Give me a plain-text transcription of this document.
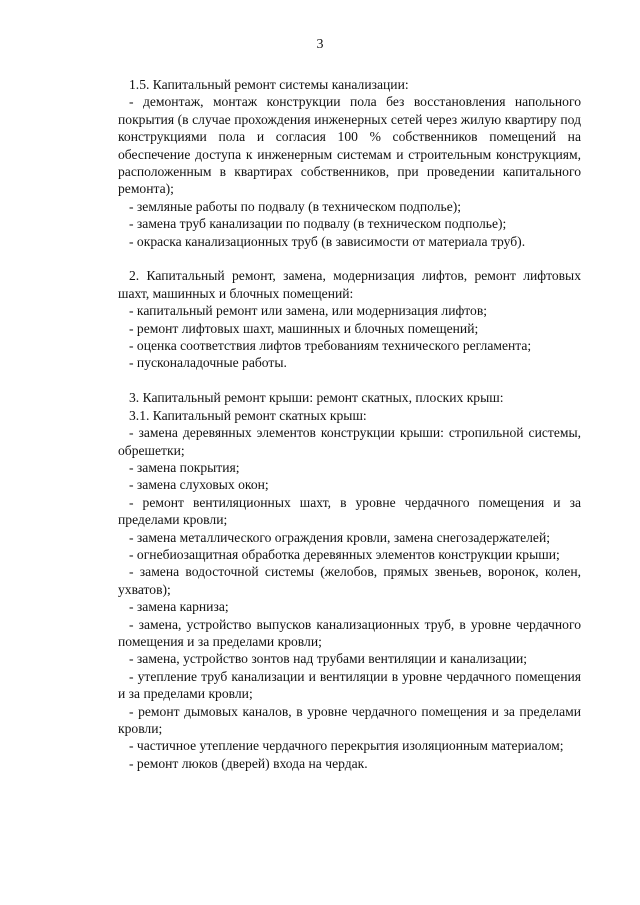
3

1.5. Капитальный ремонт системы канализации:

- демонтаж, монтаж конструкции пола без восстановления напольного покрытия (в случае прохождения инженерных сетей через жилую квартиру под конструкциями пола и согласия 100 % собственников помещений на обеспечение доступа к инженерным системам и строительным конструкциям, расположенным в квартирах собственников, при проведении капитального ремонта);

- земляные работы по подвалу (в техническом подполье);

- замена труб канализации по подвалу (в техническом подполье);

- окраска канализационных труб (в зависимости от материала труб).

2. Капитальный ремонт, замена, модернизация лифтов, ремонт лифтовых шахт, машинных и блочных помещений:

- капитальный ремонт или замена, или модернизация лифтов;

- ремонт лифтовых шахт, машинных и блочных помещений;

- оценка соответствия лифтов требованиям технического регламента;

- пусконаладочные работы.

3. Капитальный ремонт крыши: ремонт скатных, плоских крыш:

3.1. Капитальный ремонт скатных крыш:

- замена деревянных элементов конструкции крыши: стропильной системы, обрешетки;

- замена покрытия;

- замена слуховых окон;

- ремонт вентиляционных шахт, в уровне чердачного помещения и за пределами кровли;

- замена металлического ограждения кровли, замена снегозадержателей;

- огнебиозащитная обработка деревянных элементов конструкции крыши;

- замена водосточной системы (желобов, прямых звеньев, воронок, колен, ухватов);

- замена карниза;

- замена, устройство выпусков канализационных труб, в уровне чердачного помещения и за пределами кровли;

- замена, устройство зонтов над трубами вентиляции и канализации;

- утепление труб канализации и вентиляции в уровне чердачного помещения и за пределами кровли;

- ремонт дымовых каналов, в уровне чердачного помещения и за пределами кровли;

- частичное утепление чердачного перекрытия изоляционным материалом;

- ремонт люков (дверей) входа на чердак.
